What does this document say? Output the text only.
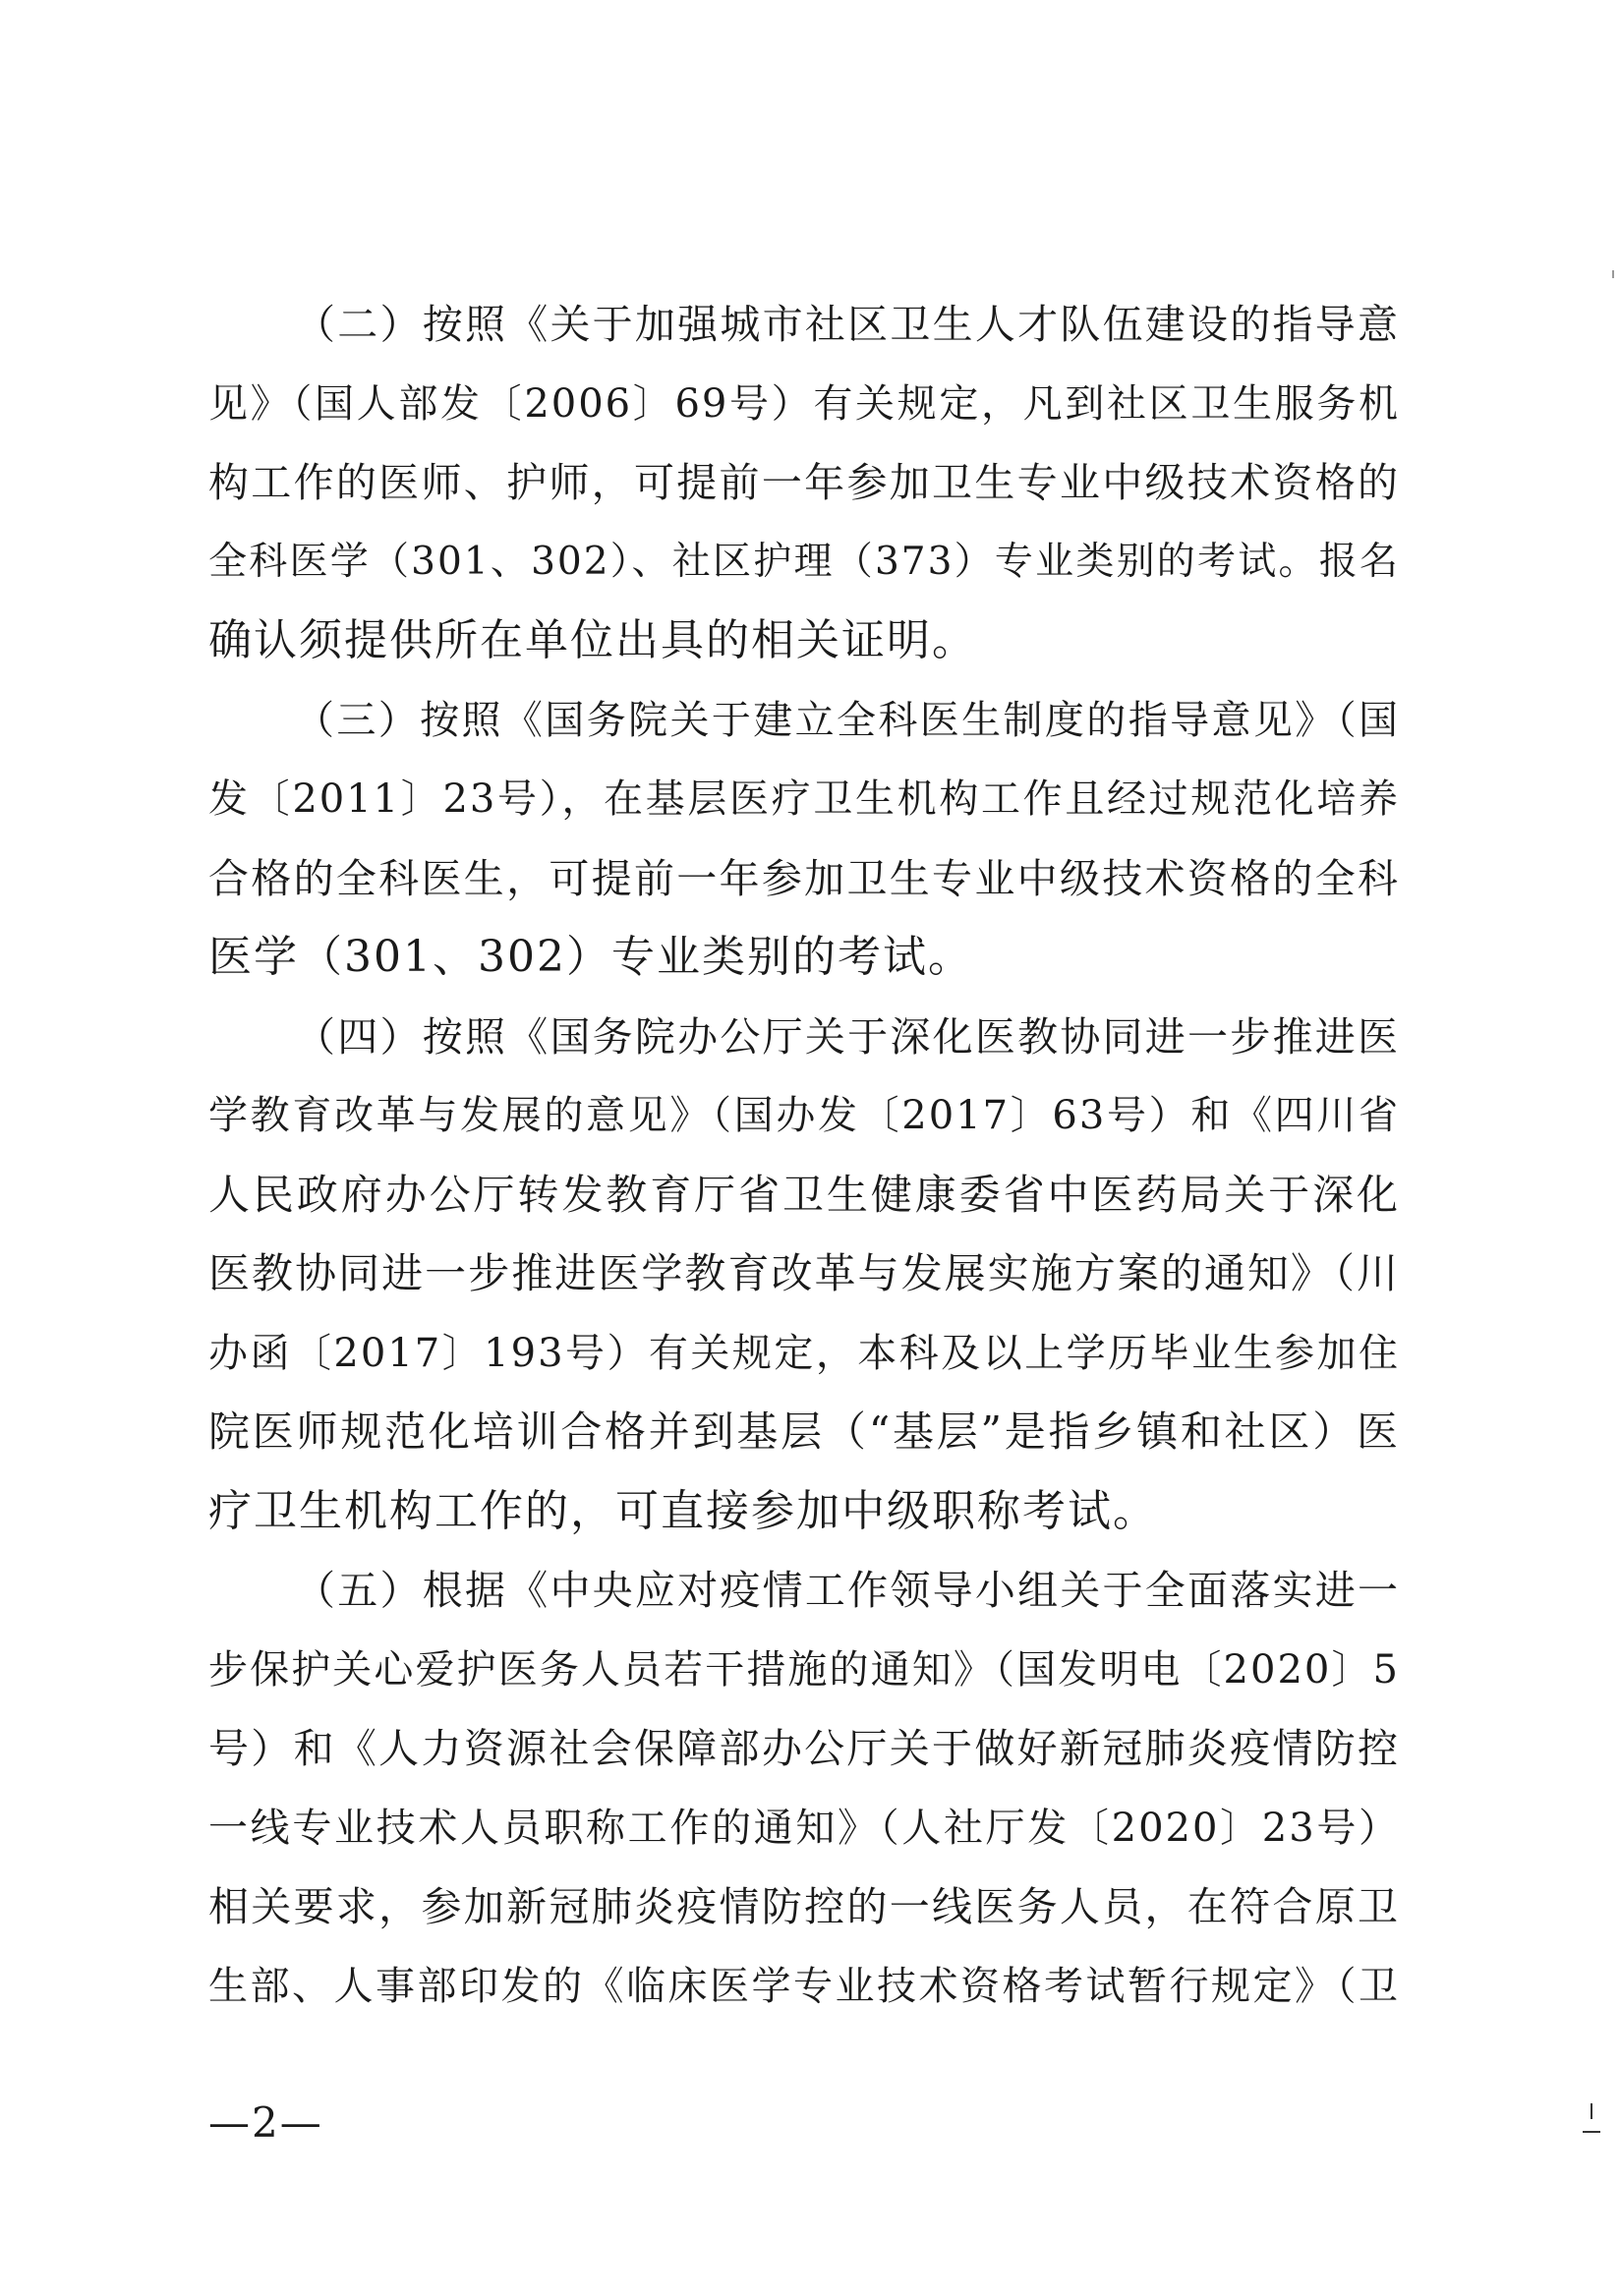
（二）按照《关于加强城市社区卫生人才队伍建设的指导意
见》（国人部发〔2006〕69号）有关规定，凡到社区卫生服务机
构工作的医师、护师，可提前一年参加卫生专业中级技术资格的
全科医学（301、302）、社区护理（373）专业类别的考试。报名
确认须提供所在单位出具的相关证明。

（三）按照《国务院关于建立全科医生制度的指导意见》（国
发〔2011〕23号），在基层医疗卫生机构工作且经过规范化培养
合格的全科医生，可提前一年参加卫生专业中级技术资格的全科
医学（301、302）专业类别的考试。

（四）按照《国务院办公厅关于深化医教协同进一步推进医
学教育改革与发展的意见》（国办发〔2017〕63号）和《四川省
人民政府办公厅转发教育厅省卫生健康委省中医药局关于深化
医教协同进一步推进医学教育改革与发展实施方案的通知》（川
办函〔2017〕193号）有关规定，本科及以上学历毕业生参加住
院医师规范化培训合格并到基层（“基层”是指乡镇和社区）医
疗卫生机构工作的，可直接参加中级职称考试。

（五）根据《中央应对疫情工作领导小组关于全面落实进一
步保护关心爱护医务人员若干措施的通知》（国发明电〔2020〕5
号）和《人力资源社会保障部办公厅关于做好新冠肺炎疫情防控
一线专业技术人员职称工作的通知》（人社厅发〔2020〕23号）
相关要求，参加新冠肺炎疫情防控的一线医务人员，在符合原卫
生部、人事部印发的《临床医学专业技术资格考试暂行规定》（卫

—2—
